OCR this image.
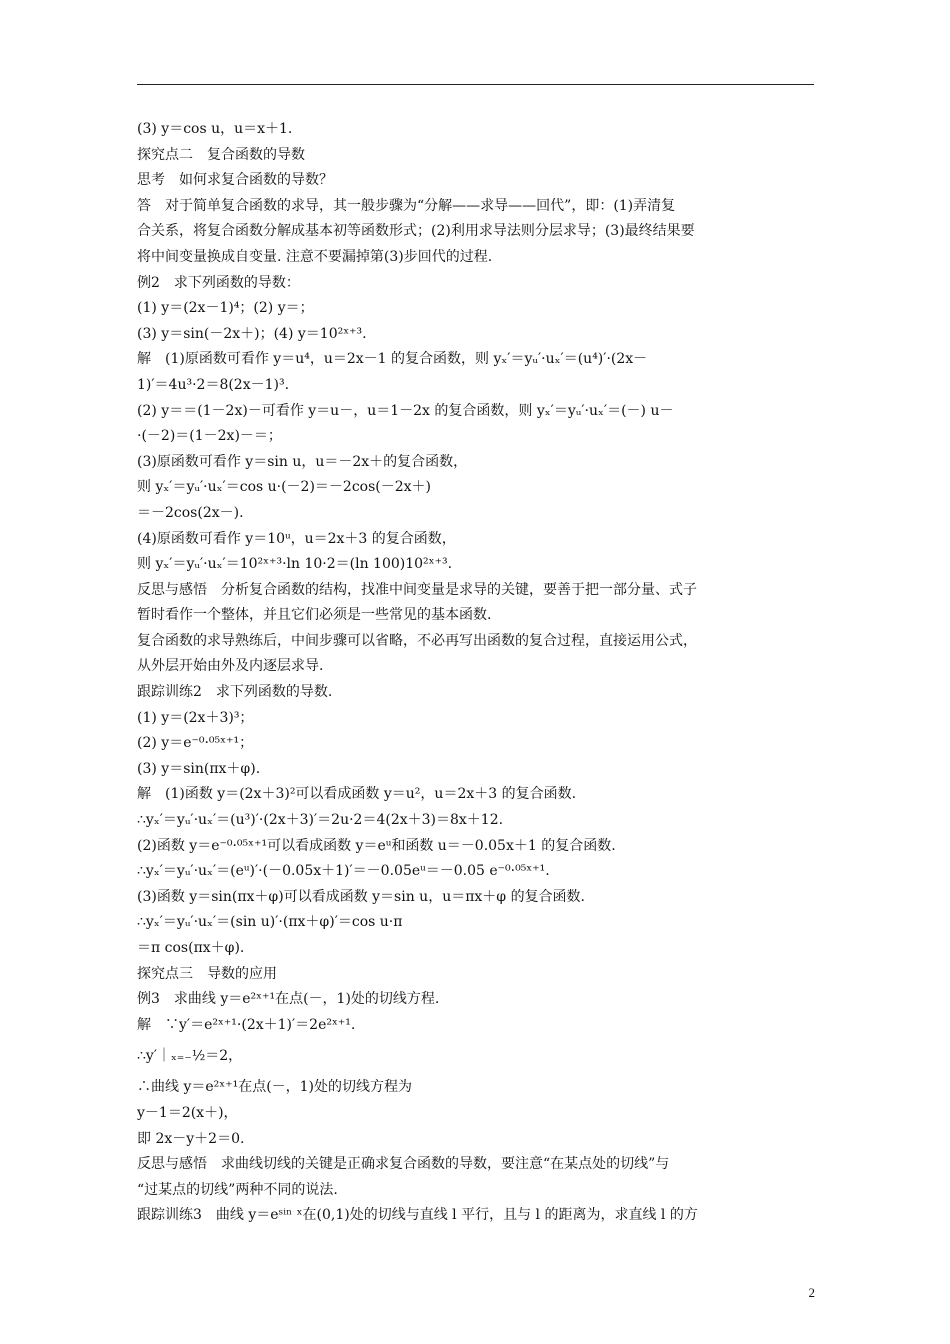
(3) y＝cos u，u＝x＋1.
探究点二　复合函数的导数
思考　如何求复合函数的导数？
答　对于简单复合函数的求导，其一般步骤为“分解——求导——回代”，即：(1)弄清复
合关系，将复合函数分解成基本初等函数形式；(2)利用求导法则分层求导；(3)最终结果要
将中间变量换成自变量. 注意不要漏掉第(3)步回代的过程.
例2　求下列函数的导数：
(1) y＝(2x－1)⁴；(2) y＝；
(3) y＝sin(－2x＋)；(4) y＝10²ˣ⁺³.
解　(1)原函数可看作 y＝u⁴，u＝2x－1 的复合函数，则 yₓ′＝yᵤ′·uₓ′＝(u⁴)′·(2x－
1)′＝4u³·2＝8(2x－1)³.
(2) y＝＝(1－2x)－可看作 y＝u－，u＝1－2x 的复合函数，则 yₓ′＝yᵤ′·uₓ′＝(－) u－
·(－2)＝(1－2x)－＝；
(3)原函数可看作 y＝sin u，u＝－2x＋的复合函数，
则 yₓ′＝yᵤ′·uₓ′＝cos u·(－2)＝－2cos(－2x＋)
＝－2cos(2x－).
(4)原函数可看作 y＝10ᵘ，u＝2x＋3 的复合函数，
则 yₓ′＝yᵤ′·uₓ′＝10²ˣ⁺³·ln 10·2＝(ln 100)10²ˣ⁺³.
反思与感悟　分析复合函数的结构，找准中间变量是求导的关键，要善于把一部分量、式子
暂时看作一个整体，并且它们必须是一些常见的基本函数.
复合函数的求导熟练后，中间步骤可以省略，不必再写出函数的复合过程，直接运用公式，
从外层开始由外及内逐层求导.
跟踪训练2　求下列函数的导数.
(1) y＝(2x＋3)³；
(2) y＝e⁻⁰·⁰⁵ˣ⁺¹；
(3) y＝sin(πx＋φ).
解　(1)函数 y＝(2x＋3)²可以看成函数 y＝u²，u＝2x＋3 的复合函数.
∴yₓ′＝yᵤ′·uₓ′＝(u³)′·(2x＋3)′＝2u·2＝4(2x＋3)＝8x＋12.
(2)函数 y＝e⁻⁰·⁰⁵ˣ⁺¹可以看成函数 y＝eᵘ和函数 u＝－0.05x＋1 的复合函数.
∴yₓ′＝yᵤ′·uₓ′＝(eᵘ)′·(－0.05x＋1)′＝－0.05eᵘ＝－0.05 e⁻⁰·⁰⁵ˣ⁺¹.
(3)函数 y＝sin(πx＋φ)可以看成函数 y＝sin u，u＝πx＋φ 的复合函数.
∴yₓ′＝yᵤ′·uₓ′＝(sin u)′·(πx＋φ)′＝cos u·π
＝π cos(πx＋φ).
探究点三　导数的应用
例3　求曲线 y＝e²ˣ⁺¹在点(－，1)处的切线方程.
解　∵y′＝e²ˣ⁺¹·(2x＋1)′＝2e²ˣ⁺¹.
∴y′｜ₓ₌₋½＝2，
∴曲线 y＝e²ˣ⁺¹在点(－，1)处的切线方程为
y－1＝2(x＋)，
即 2x－y＋2＝0.
反思与感悟　求曲线切线的关键是正确求复合函数的导数，要注意“在某点处的切线”与
“过某点的切线”两种不同的说法.
跟踪训练3　曲线 y＝eˢⁱⁿ ˣ在(0,1)处的切线与直线 l 平行，且与 l 的距离为，求直线 l 的方
2
